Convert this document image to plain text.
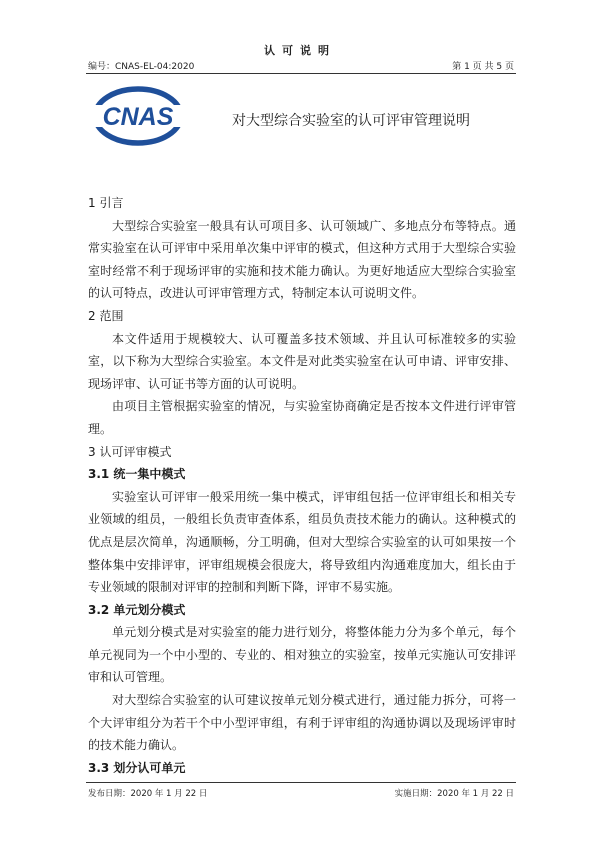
认可说明
编号：CNAS-EL-04:2020	第 1 页 共 5 页
CNAS	对大型综合实验室的认可评审管理说明

1 引言

大型综合实验室一般具有认可项目多、认可领域广、多地点分布等特点。通常实验室在认可评审中采用单次集中评审的模式，但这种方式用于大型综合实验室时经常不利于现场评审的实施和技术能力确认。为更好地适应大型综合实验室的认可特点，改进认可评审管理方式，特制定本认可说明文件。

2 范围

本文件适用于规模较大、认可覆盖多技术领域、并且认可标准较多的实验室，以下称为大型综合实验室。本文件是对此类实验室在认可申请、评审安排、现场评审、认可证书等方面的认可说明。

由项目主管根据实验室的情况，与实验室协商确定是否按本文件进行评审管理。

3 认可评审模式

3.1 统一集中模式

实验室认可评审一般采用统一集中模式，评审组包括一位评审组长和相关专业领域的组员，一般组长负责审查体系，组员负责技术能力的确认。这种模式的优点是层次简单，沟通顺畅，分工明确，但对大型综合实验室的认可如果按一个整体集中安排评审，评审组规模会很庞大，将导致组内沟通难度加大，组长由于专业领域的限制对评审的控制和判断下降，评审不易实施。

3.2 单元划分模式

单元划分模式是对实验室的能力进行划分，将整体能力分为多个单元，每个单元视同为一个中小型的、专业的、相对独立的实验室，按单元实施认可安排评审和认可管理。

对大型综合实验室的认可建议按单元划分模式进行，通过能力拆分，可将一个大评审组分为若干个中小型评审组，有利于评审组的沟通协调以及现场评审时的技术能力确认。

3.3 划分认可单元

发布日期：2020 年 1 月 22 日	实施日期：2020 年 1 月 22 日
